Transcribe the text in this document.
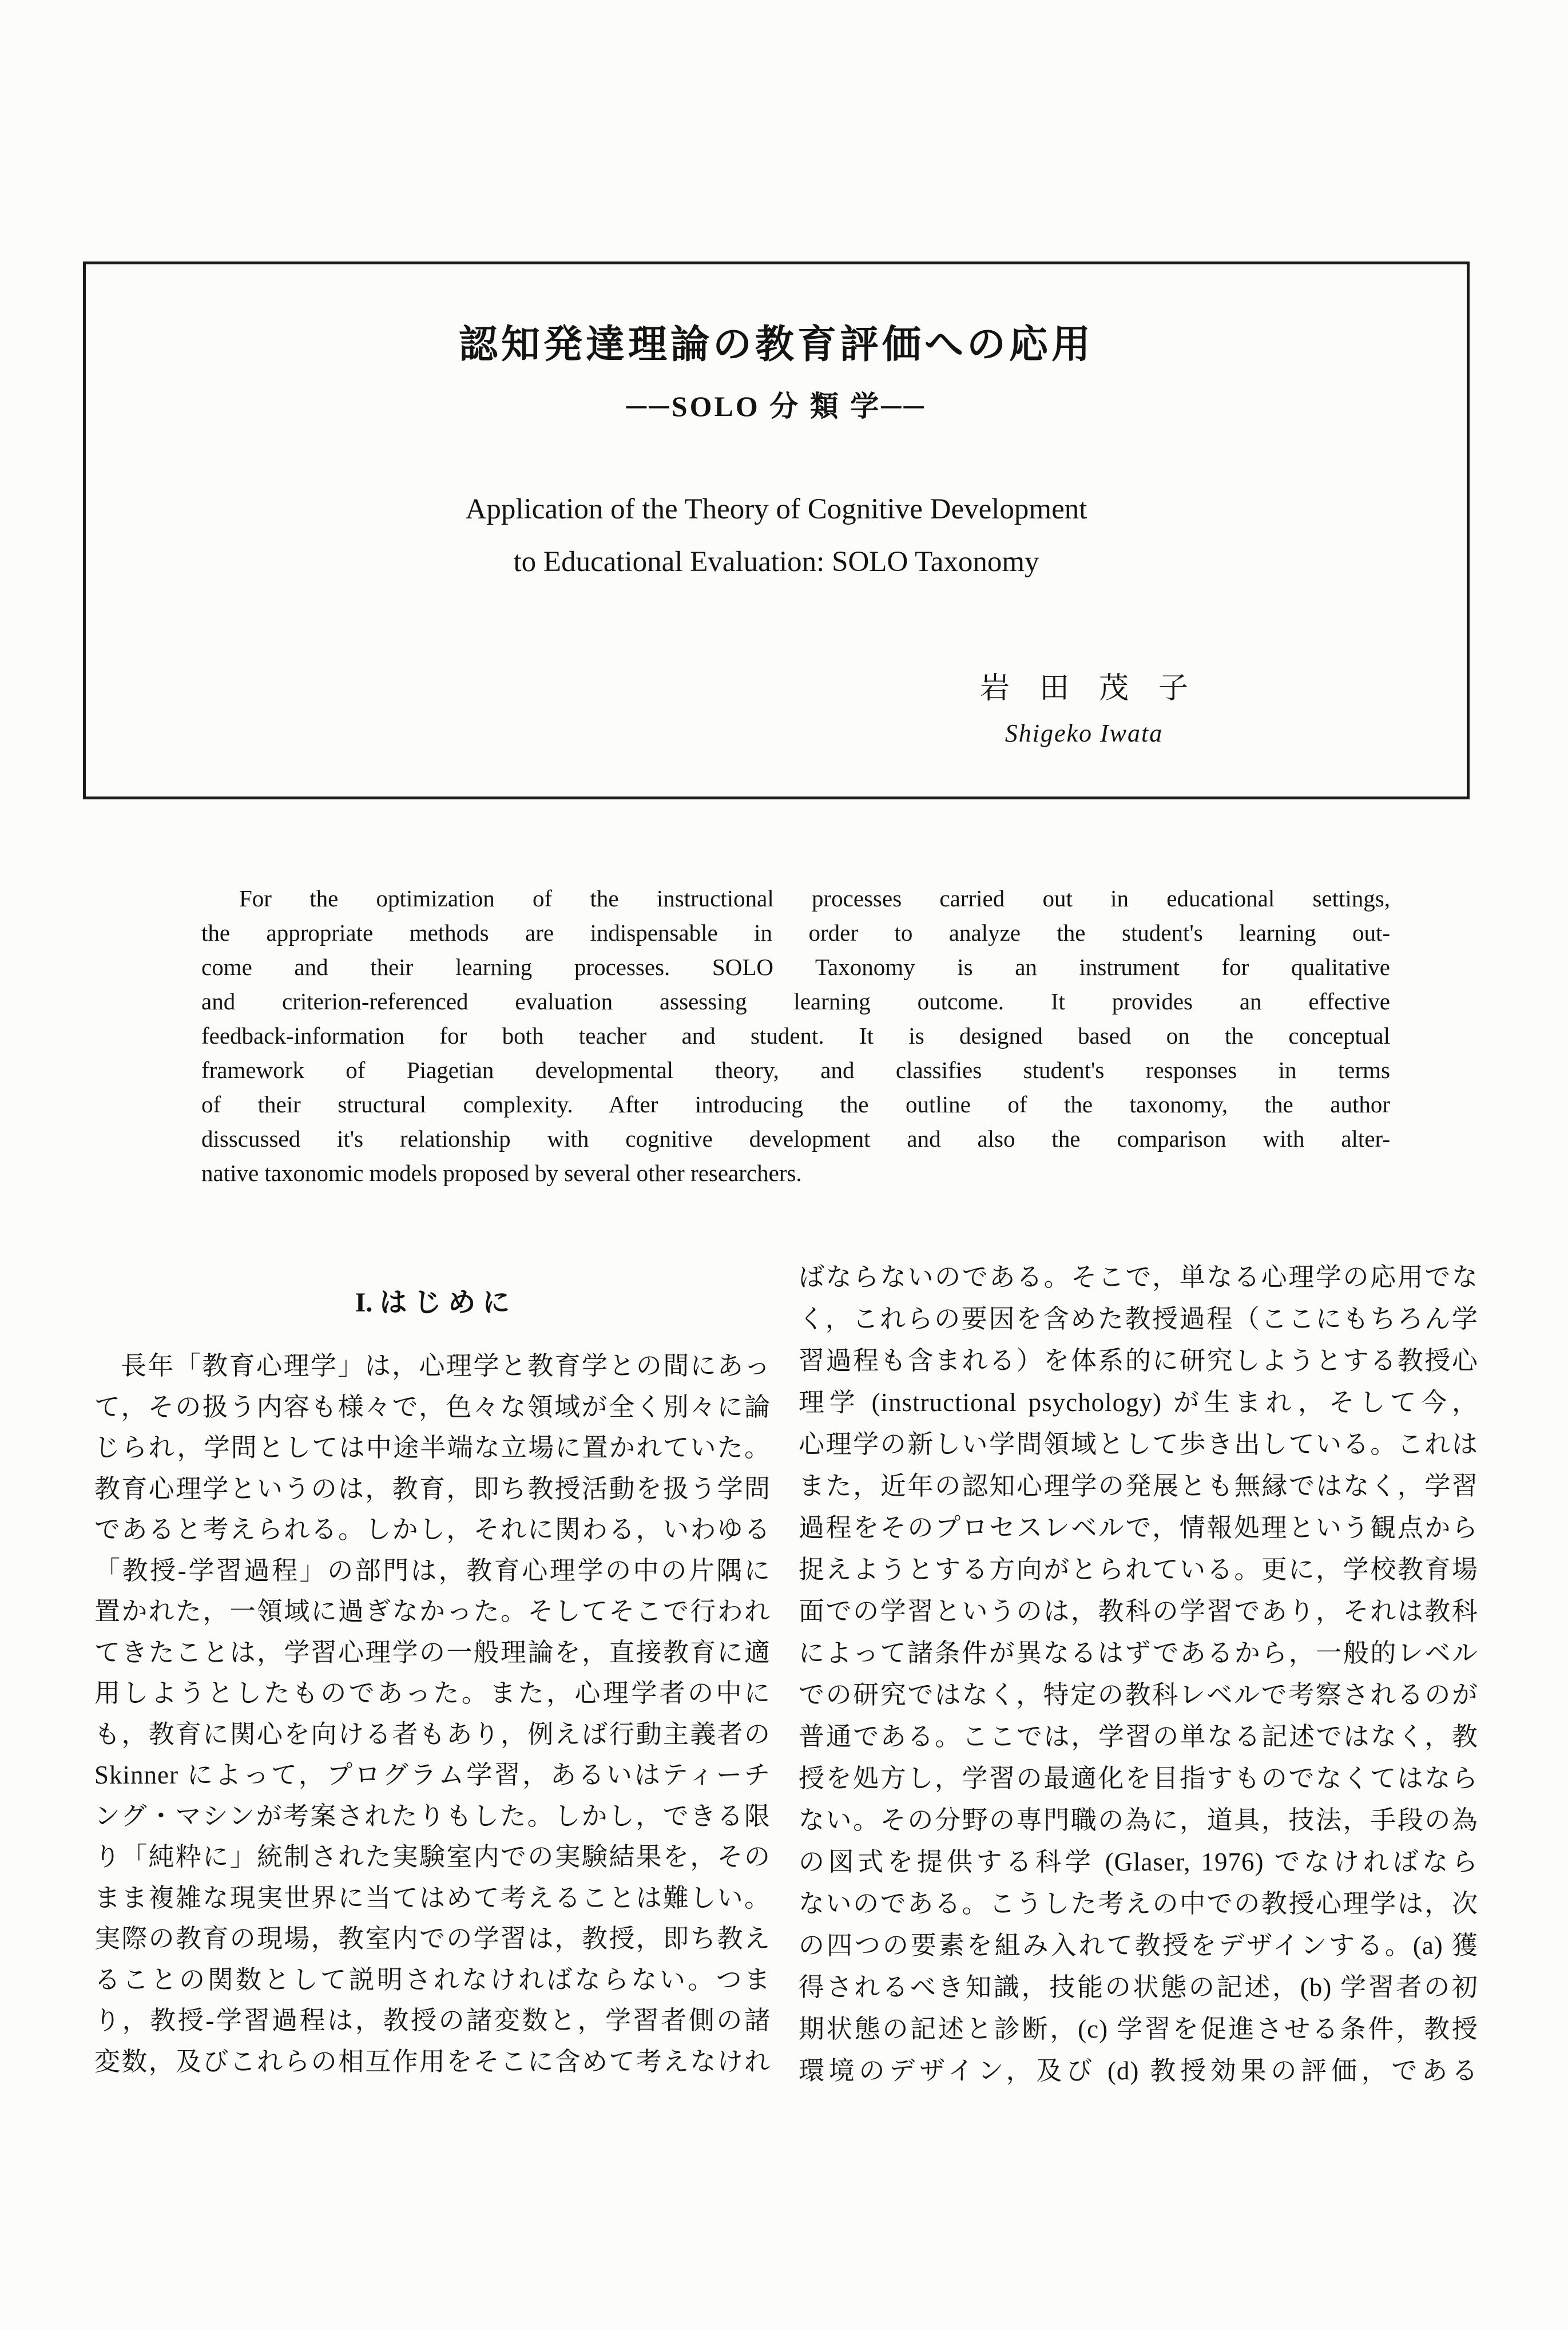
認知発達理論の教育評価への応用
──SOLO 分 類 学──
Application of the Theory of Cognitive Development
to Educational Evaluation: SOLO Taxonomy
岩　田　茂　子
Shigeko Iwata
For the optimization of the instructional processes carried out in educational settings,
the appropriate methods are indispensable in order to analyze the student's learning out-
come and their learning processes. SOLO Taxonomy is an instrument for qualitative
and criterion-referenced evaluation assessing learning outcome. It provides an effective
feedback-information for both teacher and student. It is designed based on the conceptual
framework of Piagetian developmental theory, and classifies student's responses in terms
of their structural complexity. After introducing the outline of the taxonomy, the author
disscussed it's relationship with cognitive development and also the comparison with alter-
native taxonomic models proposed by several other researchers.
I. は じ め に
長年「教育心理学」は，心理学と教育学との間にあっ
て，その扱う内容も様々で，色々な領域が全く別々に論
じられ，学問としては中途半端な立場に置かれていた。
教育心理学というのは，教育，即ち教授活動を扱う学問
であると考えられる。しかし，それに関わる，いわゆる
「教授-学習過程」の部門は，教育心理学の中の片隅に
置かれた，一領域に過ぎなかった。そしてそこで行われ
てきたことは，学習心理学の一般理論を，直接教育に適
用しようとしたものであった。また，心理学者の中に
も，教育に関心を向ける者もあり，例えば行動主義者の
Skinner によって，プログラム学習，あるいはティーチ
ング・マシンが考案されたりもした。しかし，できる限
り「純粋に」統制された実験室内での実験結果を，その
まま複雑な現実世界に当てはめて考えることは難しい。
実際の教育の現場，教室内での学習は，教授，即ち教え
ることの関数として説明されなければならない。つま
り，教授-学習過程は，教授の諸変数と，学習者側の諸
変数，及びこれらの相互作用をそこに含めて考えなけれ
ばならないのである。そこで，単なる心理学の応用でな
く，これらの要因を含めた教授過程（ここにもちろん学
習過程も含まれる）を体系的に研究しようとする教授心
理学 (instructional psychology) が生まれ，そして今，
心理学の新しい学問領域として歩き出している。これは
また，近年の認知心理学の発展とも無縁ではなく，学習
過程をそのプロセスレベルで，情報処理という観点から
捉えようとする方向がとられている。更に，学校教育場
面での学習というのは，教科の学習であり，それは教科
によって諸条件が異なるはずであるから，一般的レベル
での研究ではなく，特定の教科レベルで考察されるのが
普通である。ここでは，学習の単なる記述ではなく，教
授を処方し，学習の最適化を目指すものでなくてはなら
ない。その分野の専門職の為に，道具，技法，手段の為
の図式を提供する科学 (Glaser, 1976) でなければなら
ないのである。こうした考えの中での教授心理学は，次
の四つの要素を組み入れて教授をデザインする。(a) 獲
得されるべき知識，技能の状態の記述，(b) 学習者の初
期状態の記述と診断，(c) 学習を促進させる条件，教授
環境のデザイン，及び (d) 教授効果の評価，である
